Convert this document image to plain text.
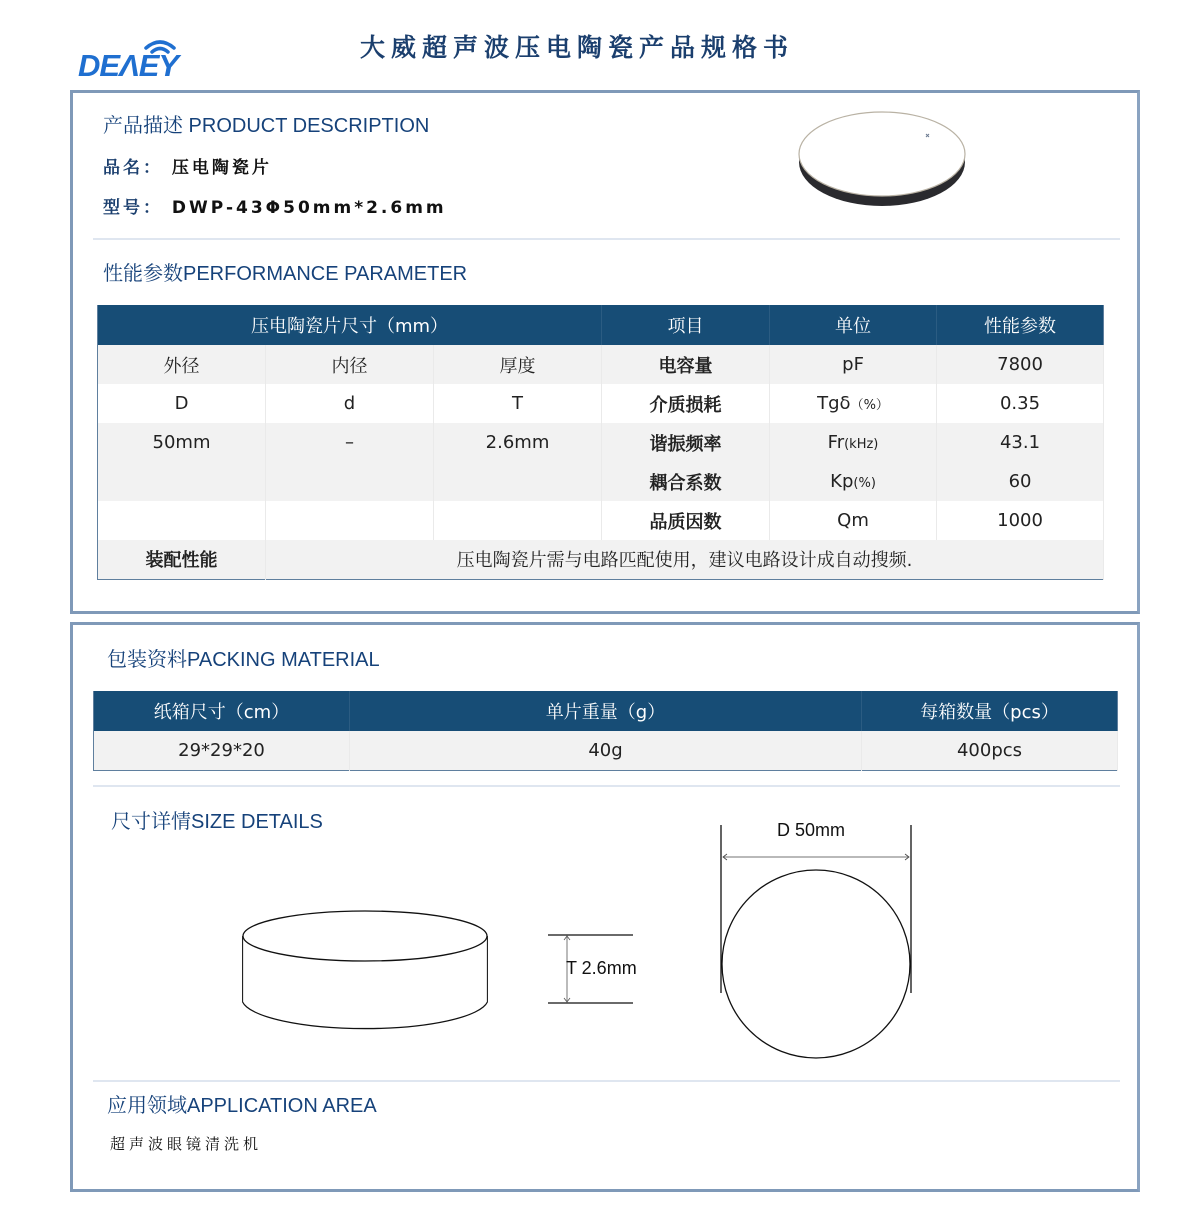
DEΛEY
大威超声波压电陶瓷产品规格书
产品描述 PRODUCT DESCRIPTION
品名： 压电陶瓷片
型号： DWP-43Φ50mm*2.6mm
性能参数PERFORMANCE PARAMETER
压电陶瓷片尺寸（mm）			项目	单位	性能参数
外径	内径	厚度	电容量	pF	7800
D	d	T	介质损耗	Tgδ（%）	0.35
50mm	–	2.6mm	谐振频率	Fr(kHz)	43.1
			耦合系数	Kp(%)	60
			品质因数	Qm	1000
装配性能	压电陶瓷片需与电路匹配使用，建议电路设计成自动搜频.				
包装资料PACKING MATERIAL
纸箱尺寸（cm）	单片重量（g）	每箱数量（pcs）
29*29*20	40g	400pcs
尺寸详情SIZE DETAILS
T 2.6mm
D 50mm
应用领域APPLICATION AREA
超声波眼镜清洗机
